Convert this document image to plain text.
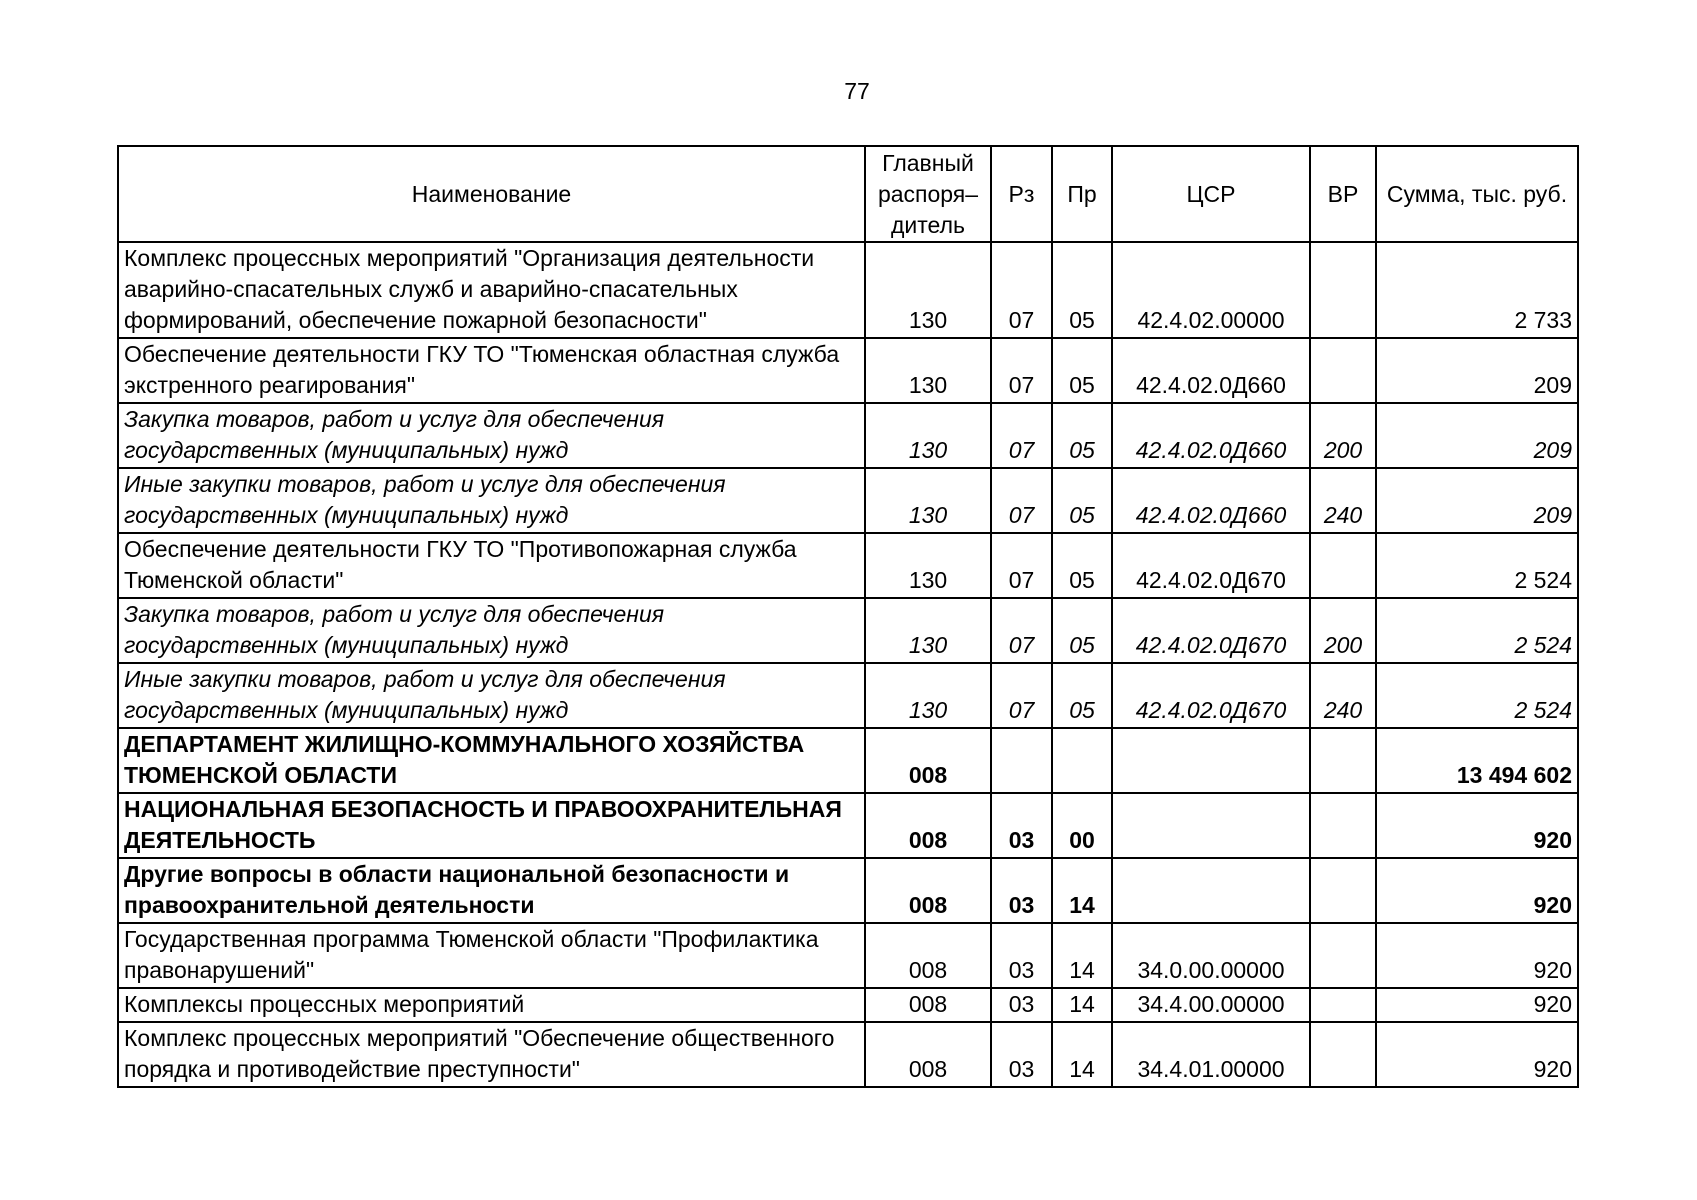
77
Наименование	Главный распоря–дитель	Рз	Пр	ЦСР	ВР	Сумма, тыс. руб.
Комплекс процессных мероприятий "Организация деятельности аварийно-спасательных служб и аварийно-спасательных формирований, обеспечение пожарной безопасности"	130	07	05	42.4.02.00000		2 733
Обеспечение деятельности ГКУ ТО "Тюменская областная служба экстренного реагирования"	130	07	05	42.4.02.0Д660		209
Закупка товаров, работ и услуг для обеспечения государственных (муниципальных) нужд	130	07	05	42.4.02.0Д660	200	209
Иные закупки товаров, работ и услуг для обеспечения государственных (муниципальных) нужд	130	07	05	42.4.02.0Д660	240	209
Обеспечение деятельности ГКУ ТО "Противопожарная служба Тюменской области"	130	07	05	42.4.02.0Д670		2 524
Закупка товаров, работ и услуг для обеспечения государственных (муниципальных) нужд	130	07	05	42.4.02.0Д670	200	2 524
Иные закупки товаров, работ и услуг для обеспечения государственных (муниципальных) нужд	130	07	05	42.4.02.0Д670	240	2 524
ДЕПАРТАМЕНТ ЖИЛИЩНО-КОММУНАЛЬНОГО ХОЗЯЙСТВА ТЮМЕНСКОЙ ОБЛАСТИ	008					13 494 602
НАЦИОНАЛЬНАЯ БЕЗОПАСНОСТЬ И ПРАВООХРАНИТЕЛЬНАЯ ДЕЯТЕЛЬНОСТЬ	008	03	00			920
Другие вопросы в области национальной безопасности и правоохранительной деятельности	008	03	14			920
Государственная программа Тюменской области "Профилактика правонарушений"	008	03	14	34.0.00.00000		920
Комплексы процессных мероприятий	008	03	14	34.4.00.00000		920
Комплекс процессных мероприятий "Обеспечение общественного порядка и противодействие преступности"	008	03	14	34.4.01.00000		920
